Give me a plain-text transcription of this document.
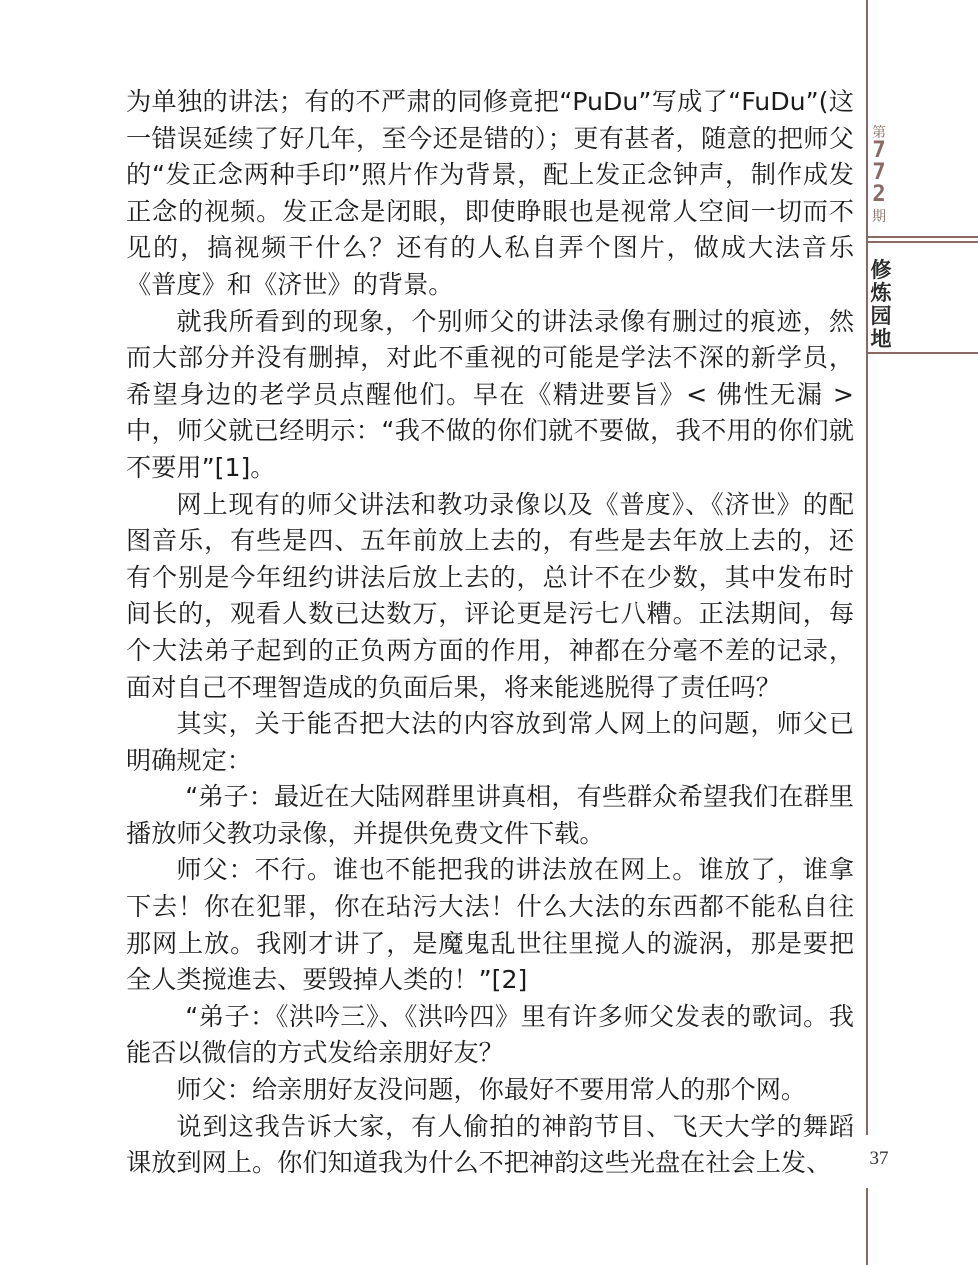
为单独的讲法；有的不严肃的同修竟把“PuDu”写成了“FuDu”(这一错误延续了好几年，至今还是错的）；更有甚者，随意的把师父的“发正念两种手印”照片作为背景，配上发正念钟声，制作成发正念的视频。发正念是闭眼，即使睁眼也是视常人空间一切而不见的，搞视频干什么？还有的人私自弄个图片，做成大法音乐《普度》和《济世》的背景。

就我所看到的现象，个别师父的讲法录像有删过的痕迹，然而大部分并没有删掉，对此不重视的可能是学法不深的新学员，希望身边的老学员点醒他们。早在《精进要旨》< 佛性无漏 > 中，师父就已经明示：“我不做的你们就不要做，我不用的你们就不要用”[1]。

网上现有的师父讲法和教功录像以及《普度》、《济世》的配图音乐，有些是四、五年前放上去的，有些是去年放上去的，还有个别是今年纽约讲法后放上去的，总计不在少数，其中发布时间长的，观看人数已达数万，评论更是污七八糟。正法期间，每个大法弟子起到的正负两方面的作用，神都在分毫不差的记录，面对自己不理智造成的负面后果，将来能逃脱得了责任吗？

其实，关于能否把大法的内容放到常人网上的问题，师父已明确规定：

“弟子：最近在大陆网群里讲真相，有些群众希望我们在群里播放师父教功录像，并提供免费文件下载。

师父：不行。谁也不能把我的讲法放在网上。谁放了，谁拿下去！你在犯罪，你在玷污大法！什么大法的东西都不能私自往那网上放。我刚才讲了，是魔鬼乱世往里搅人的漩涡，那是要把全人类搅進去、要毁掉人类的！”[2]

“弟子：《洪吟三》、《洪吟四》里有许多师父发表的歌词。我能否以微信的方式发给亲朋好友？

师父：给亲朋好友没问题，你最好不要用常人的那个网。

说到这我告诉大家，有人偷拍的神韵节目、飞天大学的舞蹈课放到网上。你们知道我为什么不把神韵这些光盘在社会上发、

第
7
7
2
期
修
炼
园
地
37
